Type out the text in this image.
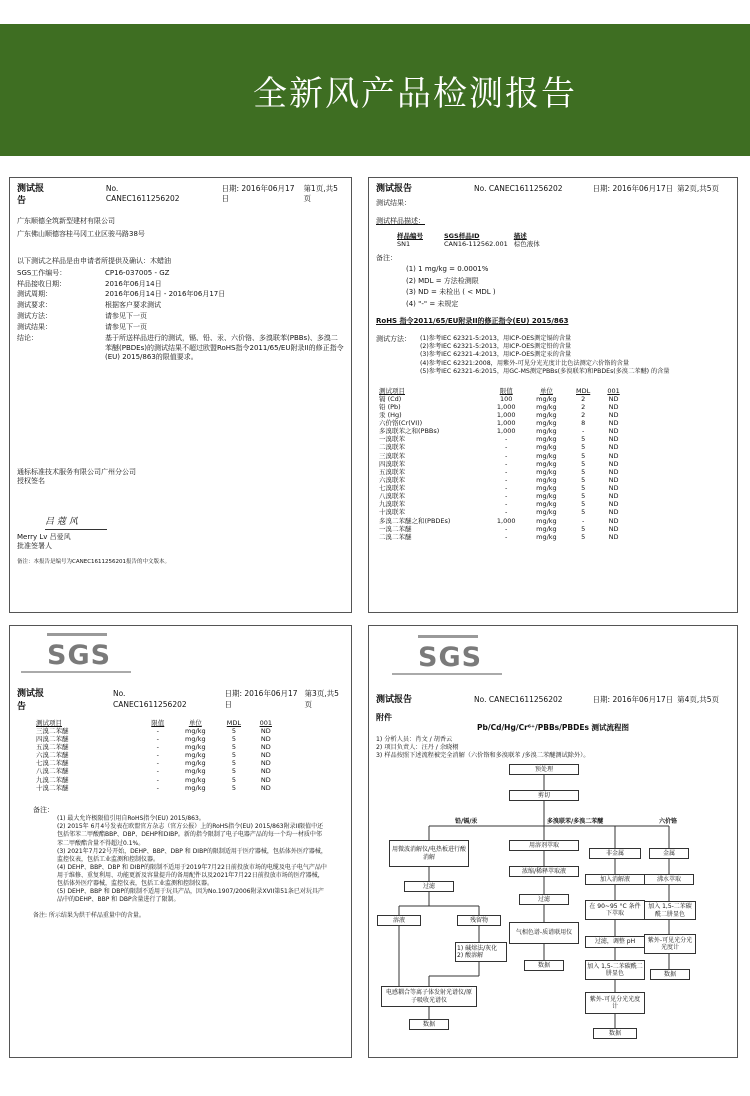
全新风产品检测报告
测试报告
No. CANEC1611256202
日期: 2016年06月17日
第1页,共5页
广东顺德全筑新型建材有限公司
广东佛山顺德容桂马冈工业区骏马路38号
以下测试之样品是由申请者所提供及确认：木蜡油
SGS工作编号：	CP16-037005 - GZ
样品接收日期：	2016年06月14日
测试周期：	2016年06月14日 - 2016年06月17日
测试要求：	根据客户要求测试
测试方法：	请参见下一页
测试结果：	请参见下一页
结论：	基于所送样品进行的测试，镉、铅、汞、六价铬、多溴联苯(PBBs)、多溴二苯醚(PBDEs)的测试结果不超过欧盟RoHS指令2011/65/EU附录II的修正指令(EU) 2015/863的限值要求。
通标标准技术服务有限公司广州分公司
授权签名
吕 蔻 风
Merry Lv 吕爱风
批准签署人
备注：本报告是编号为CANEC1611256201报告的中文版本。
测试报告	No. CANEC1611256202	日期: 2016年06月17日 第2页,共5页
测试结果：
测试样品描述：
样品编号	SGS样品ID	描述
SN1	CAN16-112562.001	棕色液体
备注：
(1) 1 mg/kg = 0.0001%
(2) MDL = 方法检测限
(3) ND = 未检出 ( < MDL )
(4) "-" = 未规定
RoHS 指令2011/65/EU附录II的修正指令(EU) 2015/863
测试方法：	(1)参考IEC 62321-5:2013，用ICP-OES测定镉的含量
(2)参考IEC 62321-5:2013，用ICP-OES测定铅的含量
(3)参考IEC 62321-4:2013，用ICP-OES测定汞的含量
(4)参考IEC 62321:2008，用紫外-可见分光光度计比色法测定六价铬的含量
(5)参考IEC 62321-6:2015，用GC-MS测定PBBs(多溴联苯)和PBDEs(多溴二苯醚) 的含量
测试项目	限值	单位	MDL	001
镉 (Cd)	100	mg/kg	2	ND
铅 (Pb)	1,000	mg/kg	2	ND
汞 (Hg)	1,000	mg/kg	2	ND
六价铬(Cr(VI))	1,000	mg/kg	8	ND
多溴联苯之和(PBBs)	1,000	mg/kg	-	ND
一溴联苯	-	mg/kg	5	ND
二溴联苯	-	mg/kg	5	ND
三溴联苯	-	mg/kg	5	ND
四溴联苯	-	mg/kg	5	ND
五溴联苯	-	mg/kg	5	ND
六溴联苯	-	mg/kg	5	ND
七溴联苯	-	mg/kg	5	ND
八溴联苯	-	mg/kg	5	ND
九溴联苯	-	mg/kg	5	ND
十溴联苯	-	mg/kg	5	ND
多溴二苯醚之和(PBDEs)	1,000	mg/kg	-	ND
一溴二苯醚	-	mg/kg	5	ND
二溴二苯醚	-	mg/kg	5	ND
SGS
测试报告
No. CANEC1611256202
日期: 2016年06月17日
第3页,共5页
测试项目	限值	单位	MDL	001
三溴二苯醚	-	mg/kg	5	ND
四溴二苯醚	-	mg/kg	5	ND
五溴二苯醚	-	mg/kg	5	ND
六溴二苯醚	-	mg/kg	5	ND
七溴二苯醚	-	mg/kg	5	ND
八溴二苯醚	-	mg/kg	5	ND
九溴二苯醚	-	mg/kg	5	ND
十溴二苯醚	-	mg/kg	5	ND
备注：
(1) 最大允许极限值引用自RoHS指令(EU) 2015/863。
(2) 2015年 6月4号发表在欧盟官方杂志（官方公报）上的RoHS指令(EU) 2015/863附录II限值中还包括邻苯二甲酸酯BBP、DBP、DEHP和DIBP。新的指令限制了电子电器产品的每一个均一材质中邻苯二甲酸酯含量不得超过0.1%。
(3) 2021年7月22号开始，DEHP、BBP、DBP 和 DIBP的限制适用于医疗器械，包括体外医疗器械，监控仪表，包括工业监测和控制仪器。
(4) DEHP、BBP、DBP 和 DIBP的限制不适用于2019年7月22日前投放市场的电缆及电子电气产品中用于维修、重复利用、功能更新及容量提升的备用配件以及2021年7月22日前投放市场的医疗器械，包括体外医疗器械，监控仪表，包括工业监测和控制仪器。
(5) DEHP、BBP 和 DBP的限制不适用于玩具产品，因为No.1907/2006附录XVII第51条已对玩具产品中的DEHP、BBP 和 DBP含量进行了限制。
备注: 所示结果为烘干样品重量中的含量。
SGS
测试报告	No. CANEC1611256202	日期: 2016年06月17日 第4页,共5页
附件
Pb/Cd/Hg/Cr⁶⁺/PBBs/PBDEs 测试流程图
1) 分析人员：肖文 / 胡香云
2) 项目负责人：汪丹 / 余晓栩
3) 样品按照下述流程被完全消解（六价铬和多溴联苯 /多溴二苯醚测试除外）。
预处理
剪切
铅/镉/汞	多溴联苯/多溴二苯醚	六价铬
用微波消解仪/电热板进行酸消解
过滤
溶液	残留物
1) 碱熔法/灰化 2) 酸溶解
电感耦合等离子体发射光谱仪/原子吸收光谱仪
数据
用溶剂萃取
浓缩/稀释萃取液
过滤
气相色谱-质谱联用仪
数据
非金属
加入消解液
在 90~95 °C 条件下萃取
过滤，调整 pH
加入 1,5-二苯碳酰二肼显色
紫外-可见分光光度计
数据
金属
沸水萃取
加入 1,5-二苯碳酰二肼显色
紫外-可见光分光光度计
数据
